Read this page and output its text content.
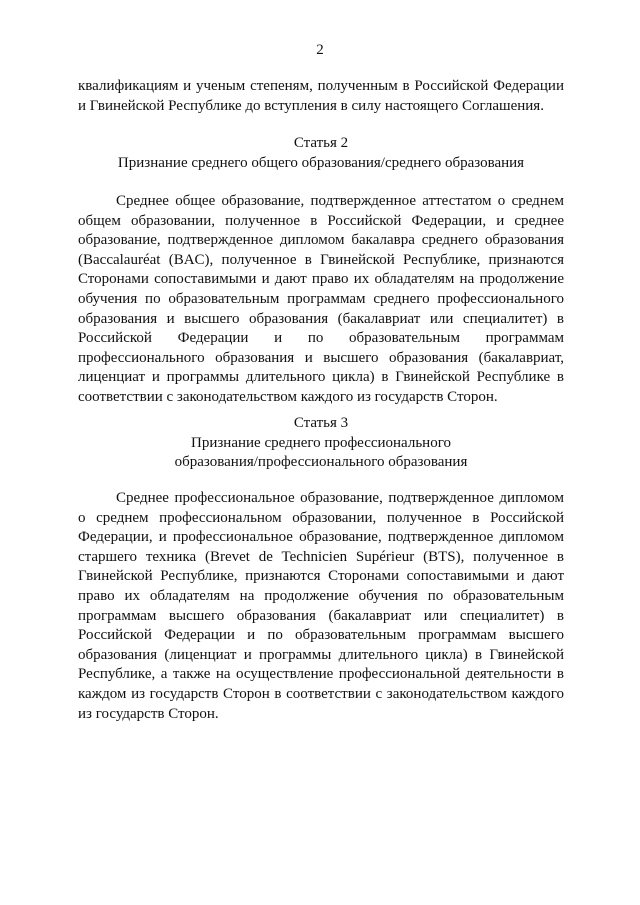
2

квалификациям и ученым степеням, полученным в Российской Федерации и Гвинейской Республике до вступления в силу настоящего Соглашения.

Статья 2
Признание среднего общего образования/среднего образования

Среднее общее образование, подтвержденное аттестатом о среднем общем образовании, полученное в Российской Федерации, и среднее образование, подтвержденное дипломом бакалавра среднего образования (Baccalauréat (BAC), полученное в Гвинейской Республике, признаются Сторонами сопоставимыми и дают право их обладателям на продолжение обучения по образовательным программам среднего профессионального образования и высшего образования (бакалавриат или специалитет) в Российской Федерации и по образовательным программам профессионального образования и высшего образования (бакалавриат, лиценциат и программы длительного цикла) в Гвинейской Республике в соответствии с законодательством каждого из государств Сторон.

Статья 3
Признание среднего профессионального
образования/профессионального образования

Среднее профессиональное образование, подтвержденное дипломом о среднем профессиональном образовании, полученное в Российской Федерации, и профессиональное образование, подтвержденное дипломом старшего техника (Brevet de Technicien Supérieur (BTS), полученное в Гвинейской Республике, признаются Сторонами сопоставимыми и дают право их обладателям на продолжение обучения по образовательным программам высшего образования (бакалавриат или специалитет) в Российской Федерации и по образовательным программам высшего образования (лиценциат и программы длительного цикла) в Гвинейской Республике, а также на осуществление профессиональной деятельности в каждом из государств Сторон в соответствии с законодательством каждого из государств Сторон.
